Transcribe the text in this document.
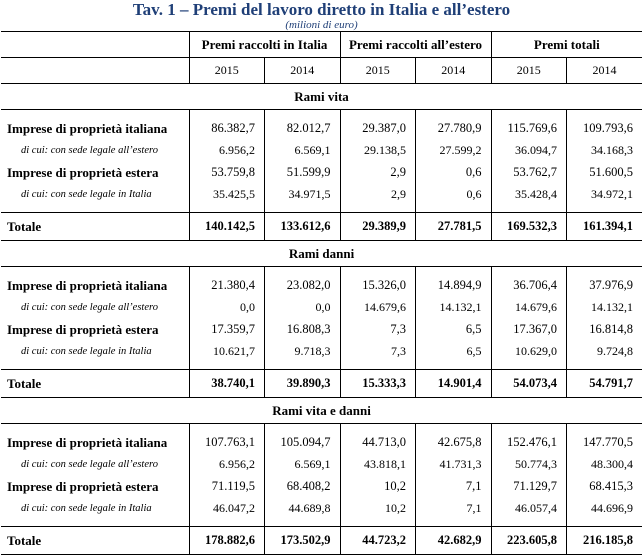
Tav. 1 – Premi del lavoro diretto in Italia e all’estero
(milioni di euro)
	Premi raccolti in Italia		Premi raccolti all’estero		Premi totali	
	2015	2014	2015	2014	2015	2014
Rami vita						

Imprese di proprietà italiana	86.382,7	82.012,7	29.387,0	27.780,9	115.769,6	109.793,6
di cui: con sede legale all’estero	6.956,2	6.569,1	29.138,5	27.599,2	36.094,7	34.168,3
Imprese di proprietà estera	53.759,8	51.599,9	2,9	0,6	53.762,7	51.600,5
di cui: con sede legale in Italia	35.425,5	34.971,5	2,9	0,6	35.428,4	34.972,1

Totale	140.142,5	133.612,6	29.389,9	27.781,5	169.532,3	161.394,1
Rami danni						

Imprese di proprietà italiana	21.380,4	23.082,0	15.326,0	14.894,9	36.706,4	37.976,9
di cui: con sede legale all’estero	0,0	0,0	14.679,6	14.132,1	14.679,6	14.132,1
Imprese di proprietà estera	17.359,7	16.808,3	7,3	6,5	17.367,0	16.814,8
di cui: con sede legale in Italia	10.621,7	9.718,3	7,3	6,5	10.629,0	9.724,8

Totale	38.740,1	39.890,3	15.333,3	14.901,4	54.073,4	54.791,7
Rami vita e danni						

Imprese di proprietà italiana	107.763,1	105.094,7	44.713,0	42.675,8	152.476,1	147.770,5
di cui: con sede legale all’estero	6.956,2	6.569,1	43.818,1	41.731,3	50.774,3	48.300,4
Imprese di proprietà estera	71.119,5	68.408,2	10,2	7,1	71.129,7	68.415,3
di cui: con sede legale in Italia	46.047,2	44.689,8	10,2	7,1	46.057,4	44.696,9

Totale	178.882,6	173.502,9	44.723,2	42.682,9	223.605,8	216.185,8
